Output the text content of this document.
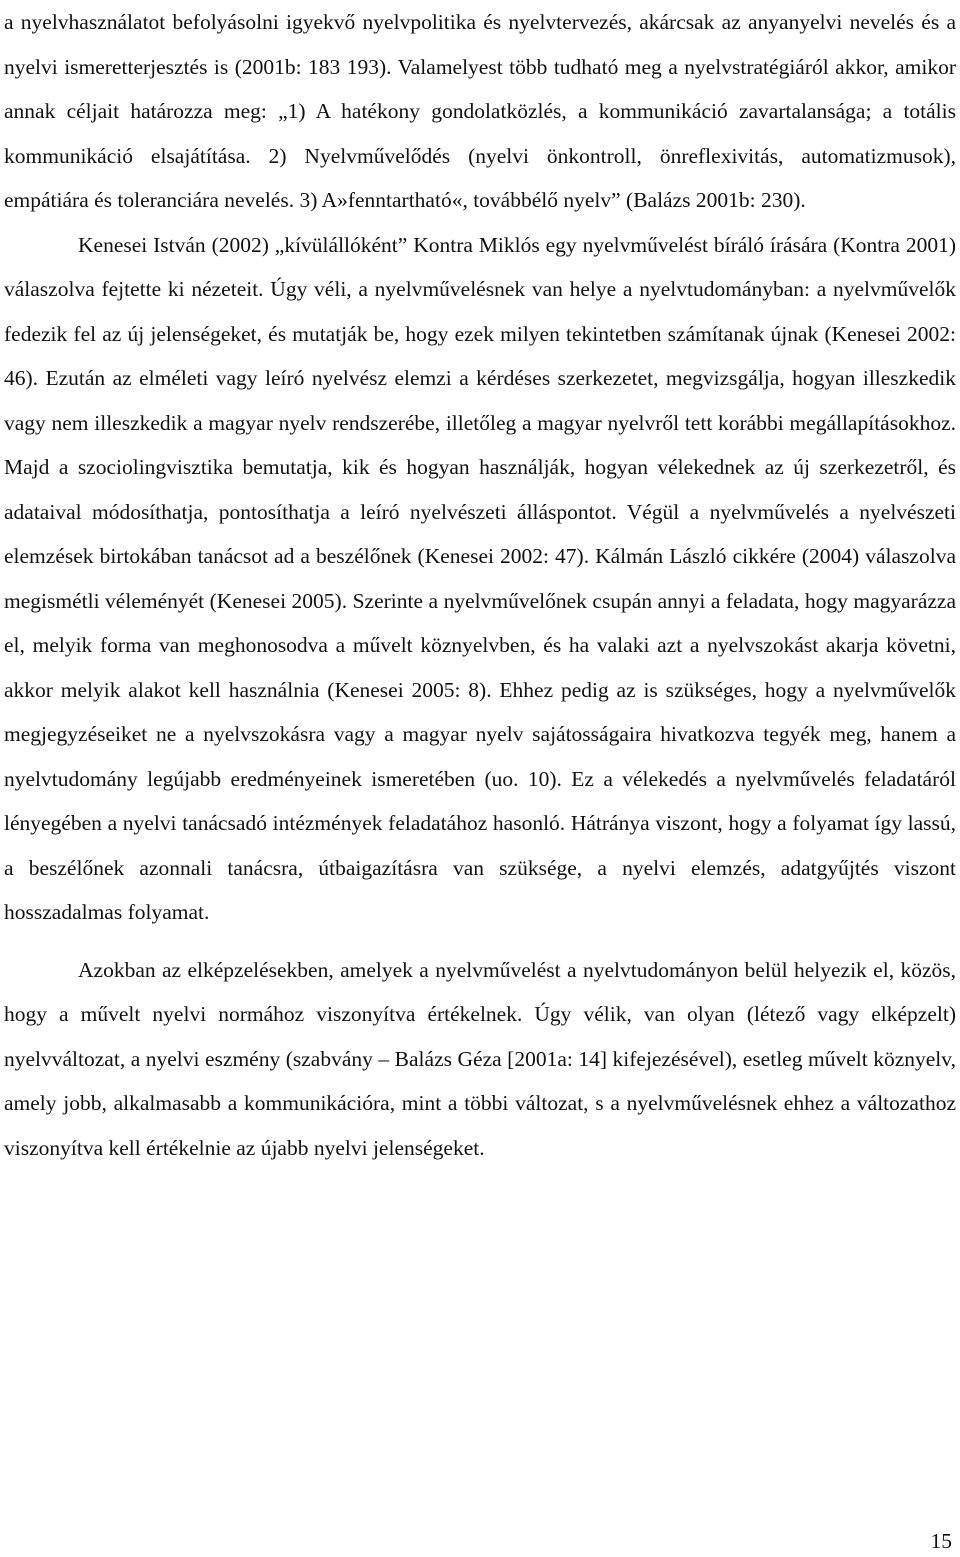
a nyelvhasználatot befolyásolni igyekvő nyelvpolitika és nyelvtervezés, akárcsak az anyanyelvi nevelés és a nyelvi ismeretterjesztés is (2001b: 183 193). Valamelyest több tudható meg a nyelvstratégiáról akkor, amikor annak céljait határozza meg: „1) A hatékony gondolatközlés, a kommunikáció zavartalansága; a totális kommunikáció elsajátítása. 2) Nyelvművelődés (nyelvi önkontroll, önreflexivitás, automatizmusok), empátiára és toleranciára nevelés. 3) A»fenntartható«, továbbélő nyelv” (Balázs 2001b: 230).

Kenesei István (2002) „kívülállóként” Kontra Miklós egy nyelvművelést bíráló írására (Kontra 2001) válaszolva fejtette ki nézeteit. Úgy véli, a nyelvművelésnek van helye a nyelvtudományban: a nyelvművelők fedezik fel az új jelenségeket, és mutatják be, hogy ezek milyen tekintetben számítanak újnak (Kenesei 2002: 46). Ezután az elméleti vagy leíró nyelvész elemzi a kérdéses szerkezetet, megvizsgálja, hogyan illeszkedik vagy nem illeszkedik a magyar nyelv rendszerébe, illetőleg a magyar nyelvről tett korábbi megállapításokhoz. Majd a szociolingvisztika bemutatja, kik és hogyan használják, hogyan vélekednek az új szerkezetről, és adataival módosíthatja, pontosíthatja a leíró nyelvészeti álláspontot. Végül a nyelvművelés a nyelvészeti elemzések birtokában tanácsot ad a beszélőnek (Kenesei 2002: 47). Kálmán László cikkére (2004) válaszolva megismétli véleményét (Kenesei 2005). Szerinte a nyelvművelőnek csupán annyi a feladata, hogy magyarázza el, melyik forma van meghonosodva a művelt köznyelvben, és ha valaki azt a nyelvszokást akarja követni, akkor melyik alakot kell használnia (Kenesei 2005: 8). Ehhez pedig az is szükséges, hogy a nyelvművelők megjegyzéseiket ne a nyelvszokásra vagy a magyar nyelv sajátosságaira hivatkozva tegyék meg, hanem a nyelvtudomány legújabb eredményeinek ismeretében (uo. 10). Ez a vélekedés a nyelvművelés feladatáról lényegében a nyelvi tanácsadó intézmények feladatához hasonló. Hátránya viszont, hogy a folyamat így lassú, a beszélőnek azonnali tanácsra, útbaigazításra van szüksége, a nyelvi elemzés, adatgyűjtés viszont hosszadalmas folyamat.

Azokban az elképzelésekben, amelyek a nyelvművelést a nyelvtudományon belül helyezik el, közös, hogy a művelt nyelvi normához viszonyítva értékelnek. Úgy vélik, van olyan (létező vagy elképzelt) nyelvváltozat, a nyelvi eszmény (szabvány – Balázs Géza [2001a: 14] kifejezésével), esetleg művelt köznyelv, amely jobb, alkalmasabb a kommunikációra, mint a többi változat, s a nyelvművelésnek ehhez a változathoz viszonyítva kell értékelnie az újabb nyelvi jelenségeket.

15
